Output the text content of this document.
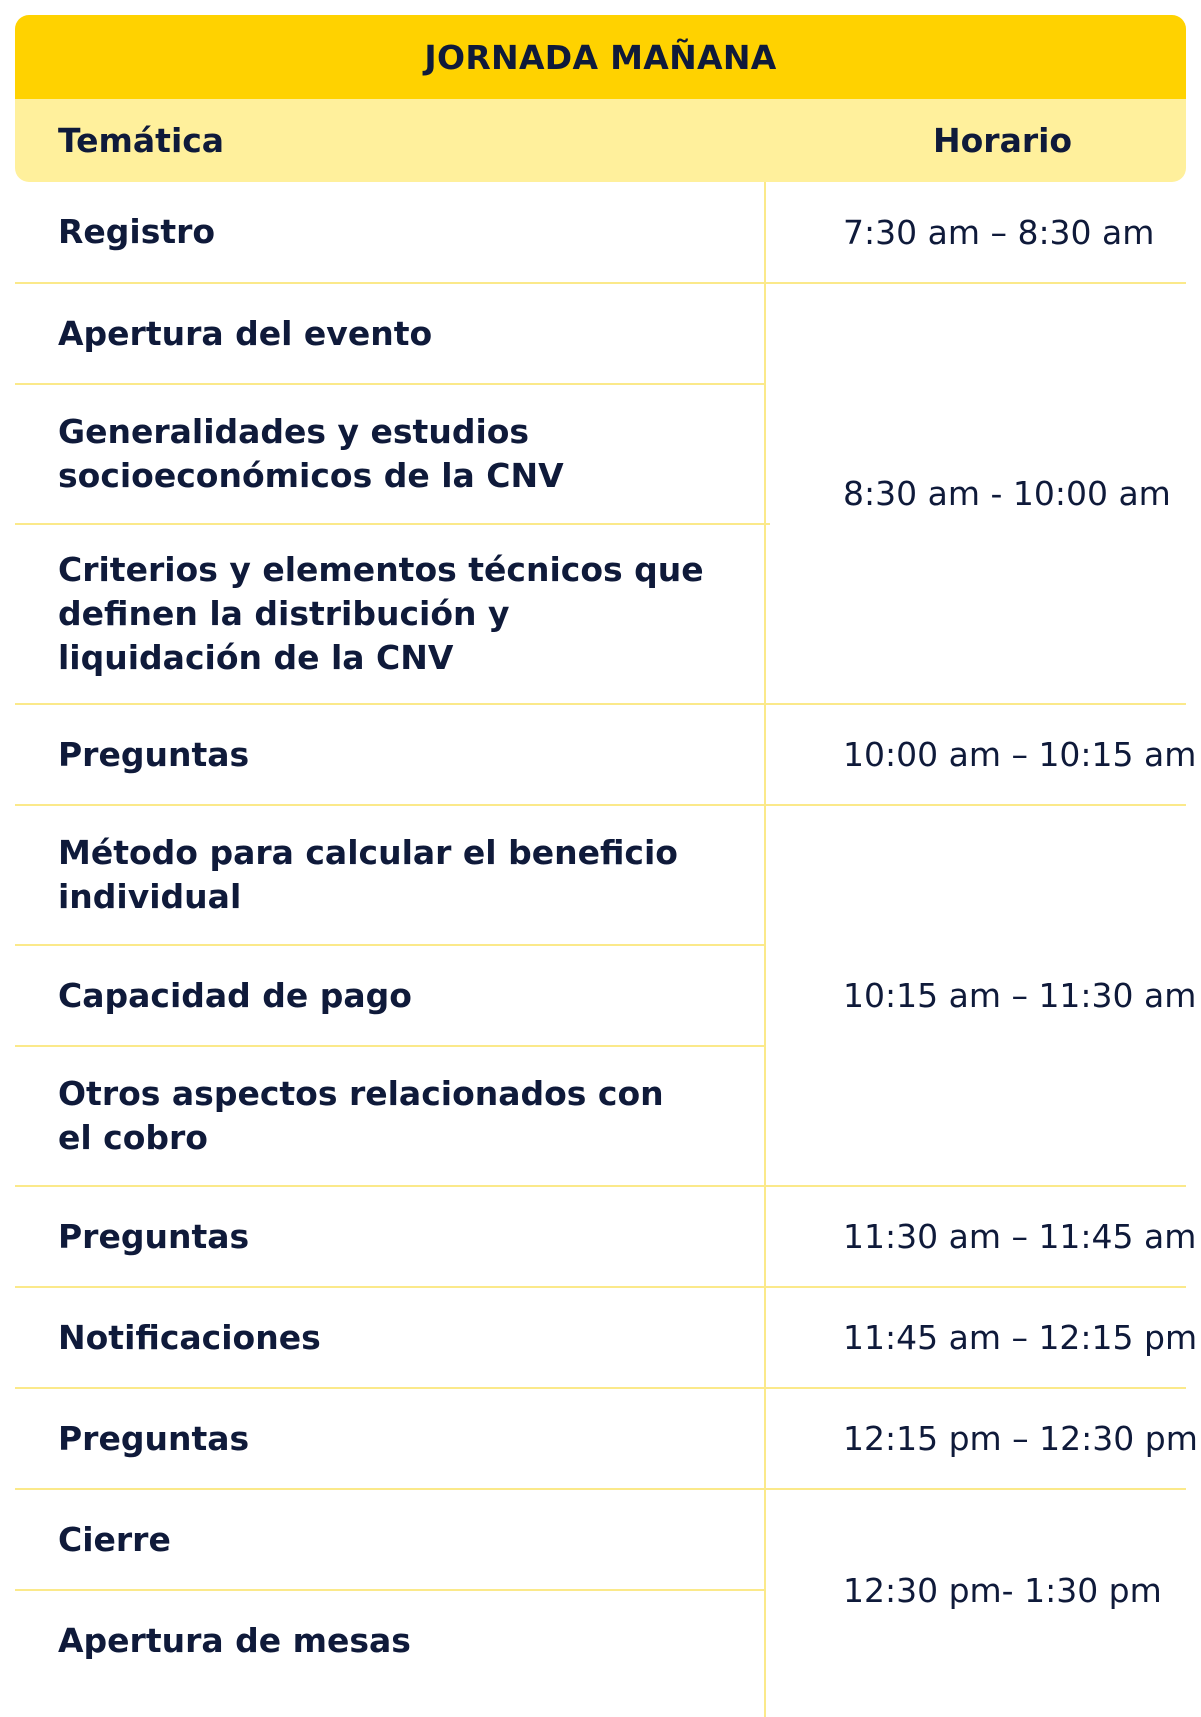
JORNADA MAÑANA
Temática	Horario
Registro
Apertura del evento
Generalidades y estudios socioeconómicos de la CNV
Criterios y elementos técnicos que definen la distribución y liquidación de la CNV
Preguntas
Método para calcular el beneficio individual
Capacidad de pago
Otros aspectos relacionados con el cobro
Preguntas
Notificaciones
Preguntas
Cierre
Apertura de mesas
7:30 am – 8:30 am
8:30 am - 10:00 am
10:00 am – 10:15 am
10:15 am – 11:30 am
11:30 am – 11:45 am
11:45 am – 12:15 pm
12:15 pm – 12:30 pm
12:30 pm- 1:30 pm
